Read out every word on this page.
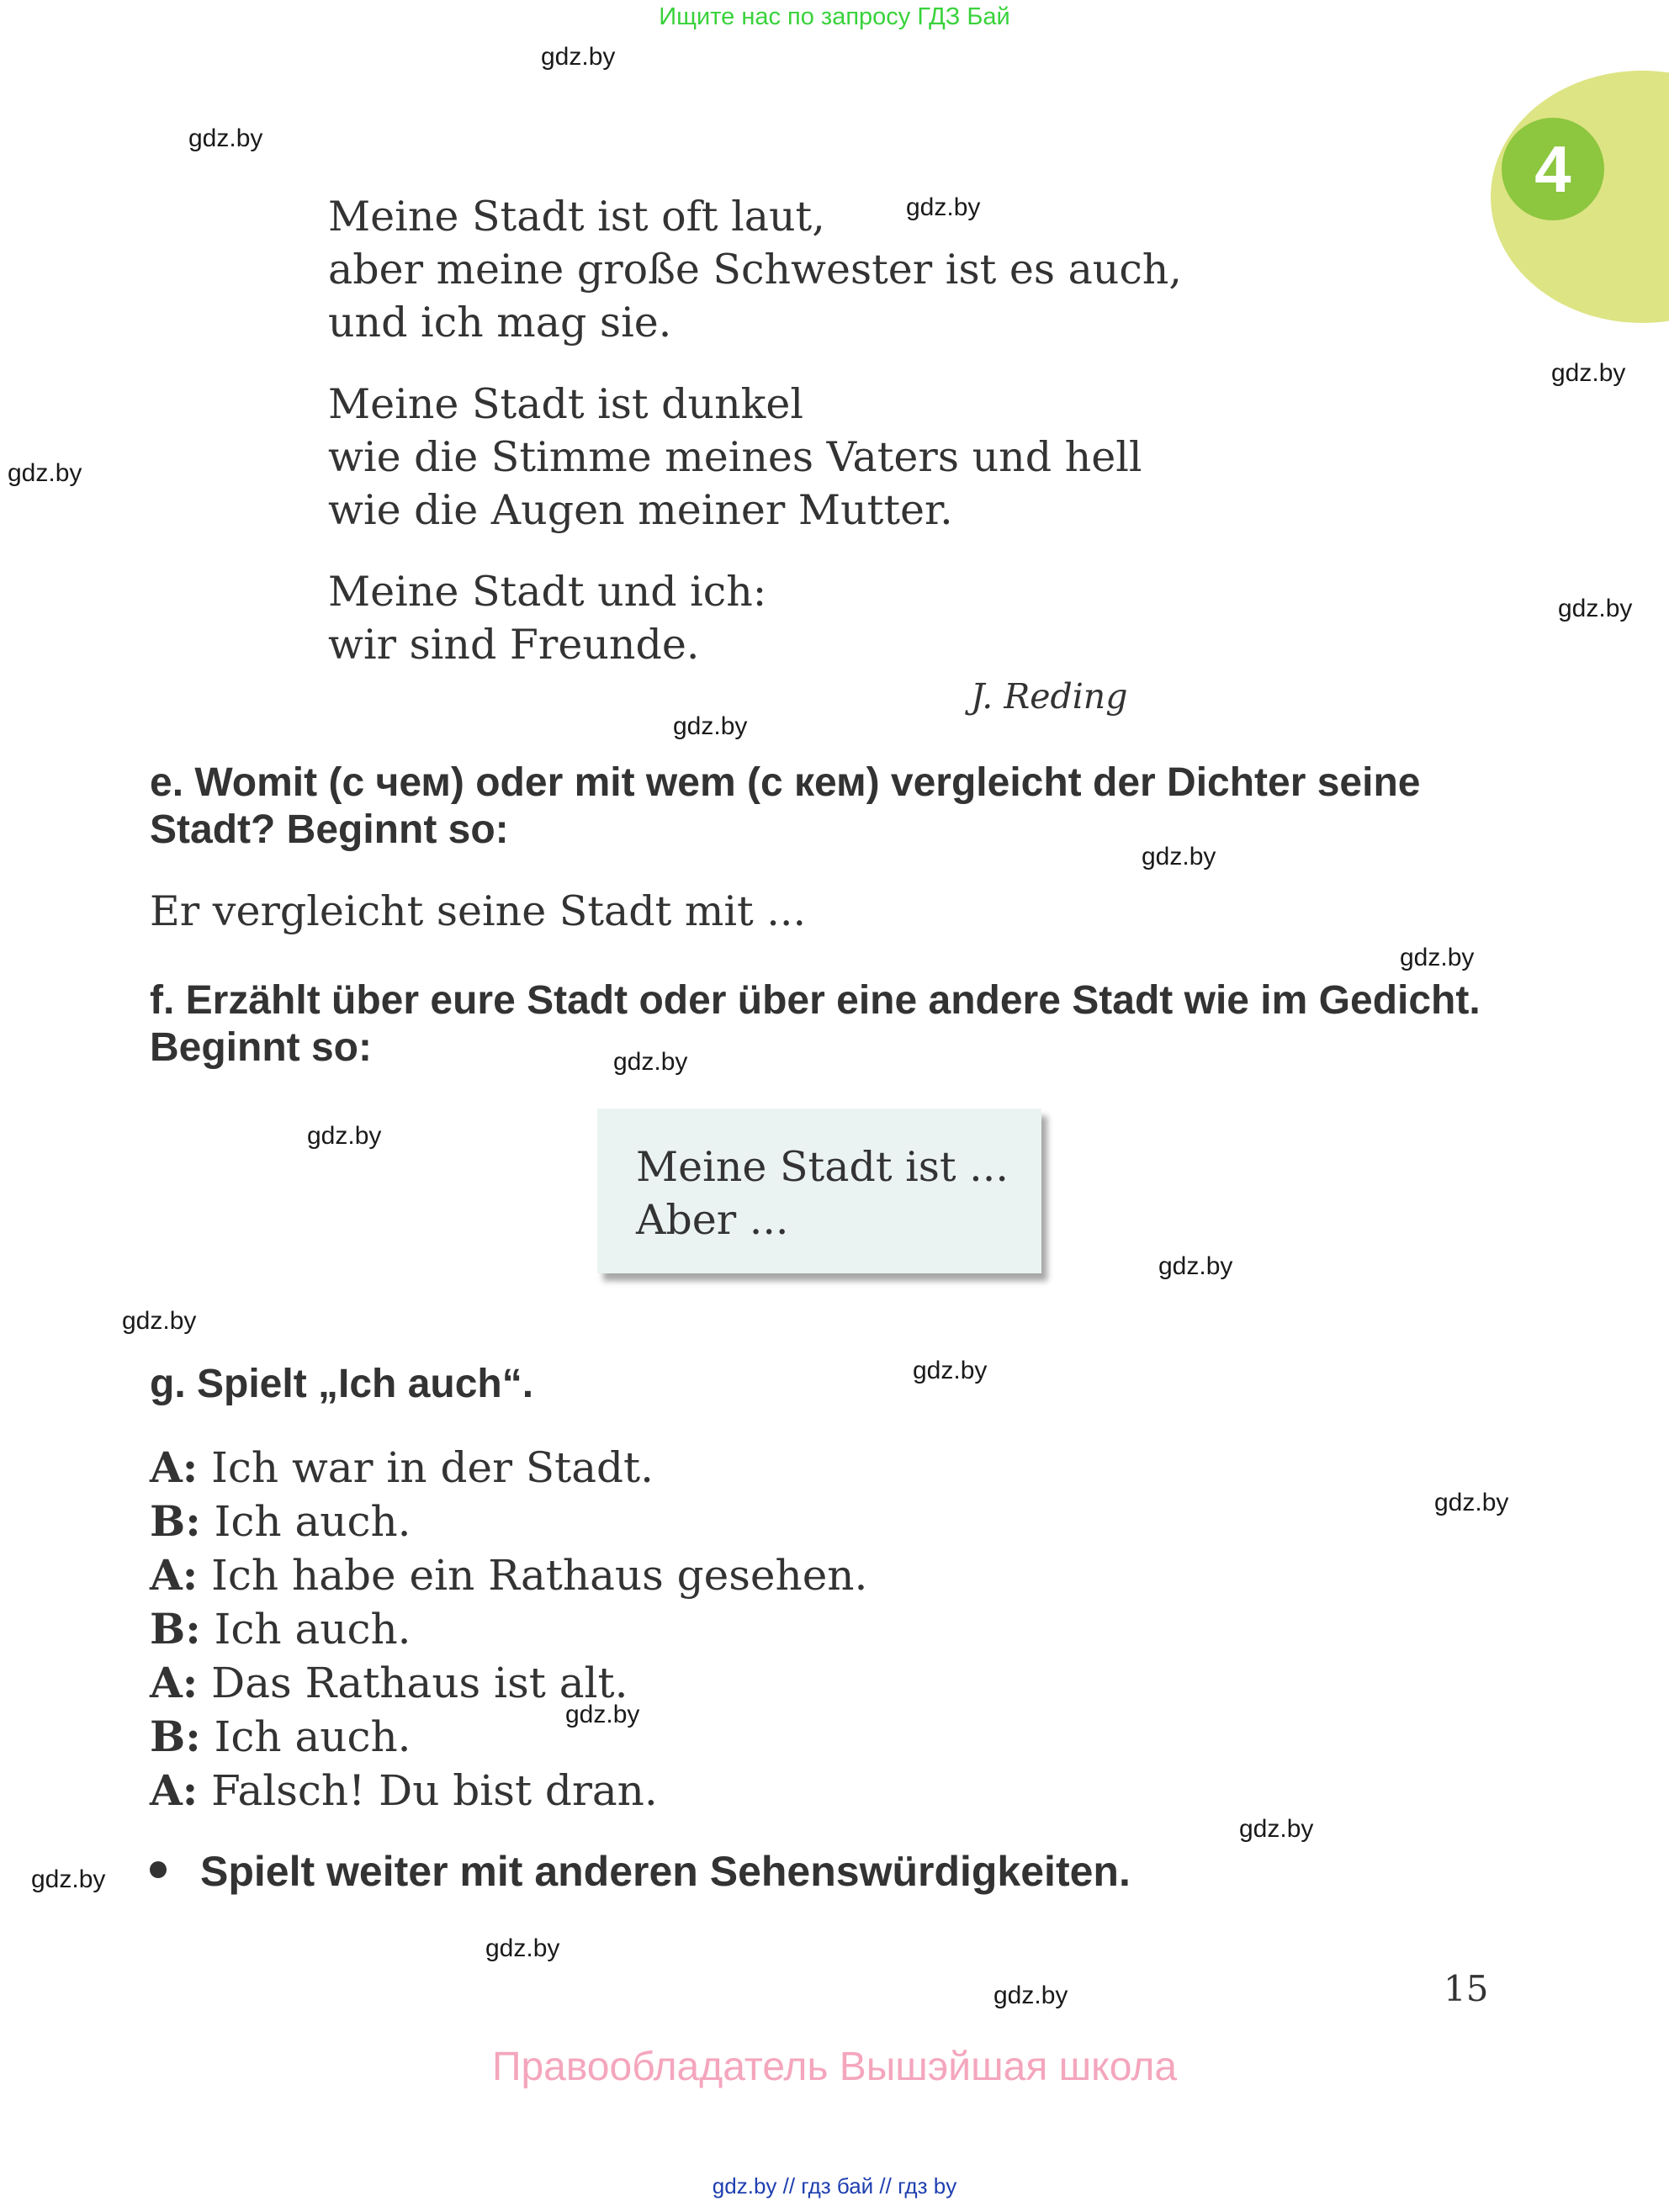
Ищите нас по запросу ГДЗ Бай
4
gdz.by
gdz.by
gdz.by
gdz.by
gdz.by
gdz.by
gdz.by
gdz.by
gdz.by
gdz.by
gdz.by
gdz.by
gdz.by
gdz.by
gdz.by
gdz.by
gdz.by
gdz.by
gdz.by
gdz.by
Meine Stadt ist oft laut,
aber meine große Schwester ist es auch,
und ich mag sie.
Meine Stadt ist dunkel
wie die Stimme meines Vaters und hell
wie die Augen meiner Mutter.
Meine Stadt und ich:
wir sind Freunde.
J. Reding
e. Womit (с чем) oder mit wem (с кем) vergleicht der Dichter seine Stadt? Beginnt so:
Er vergleicht seine Stadt mit ...
f. Erzählt über eure Stadt oder über eine andere Stadt wie im Gedicht. Beginnt so:
Meine Stadt ist ...
Aber ...
g. Spielt „Ich auch“.
A: Ich war in der Stadt.
B: Ich auch.
A: Ich habe ein Rathaus gesehen.
B: Ich auch.
A: Das Rathaus ist alt.
B: Ich auch.
A: Falsch! Du bist dran.
Spielt weiter mit anderen Sehenswürdigkeiten.
15
Правообладатель Вышэйшая школа
gdz.by // гдз бай // гдз by
